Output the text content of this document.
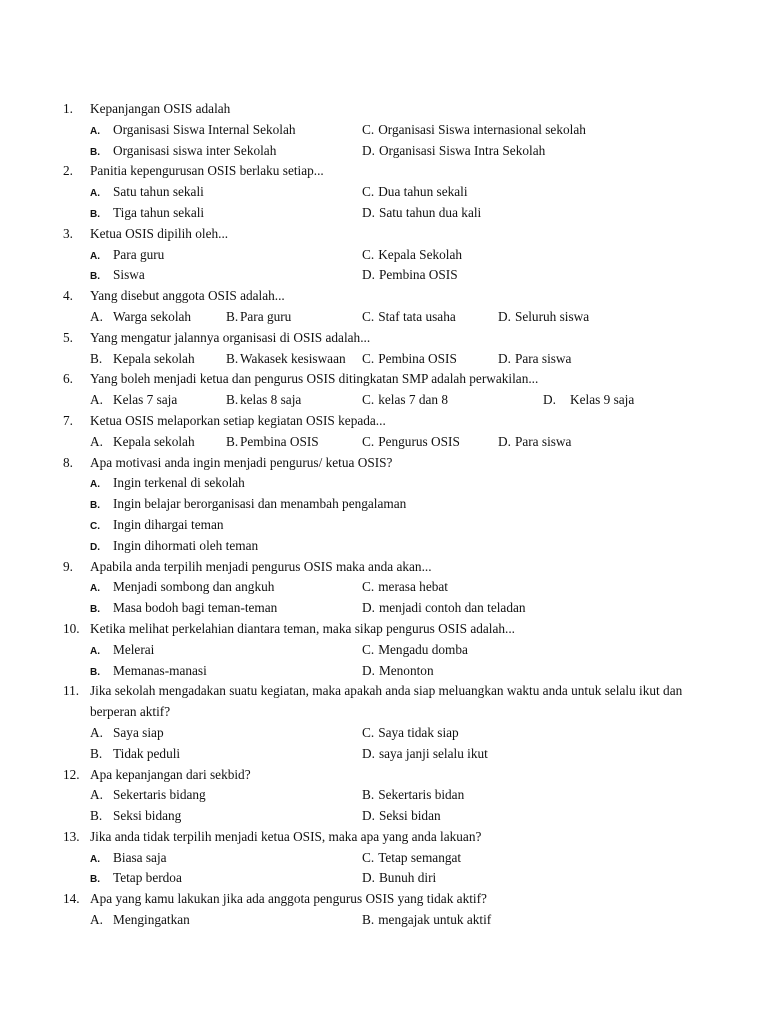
1. Kepanjangan OSIS adalah
A. Organisasi Siswa Internal Sekolah	C. Organisasi Siswa internasional sekolah
B. Organisasi siswa inter Sekolah	D. Organisasi Siswa Intra Sekolah
2. Panitia kepengurusan OSIS berlaku setiap...
A. Satu tahun sekali	C. Dua tahun sekali
B. Tiga tahun sekali	D. Satu tahun dua kali
3. Ketua OSIS dipilih oleh...
A. Para guru	C. Kepala Sekolah
B. Siswa	D. Pembina OSIS
4. Yang disebut anggota OSIS adalah...
A. Warga sekolah	B. Para guru	C. Staf tata usaha	D. Seluruh siswa
5. Yang mengatur jalannya organisasi di OSIS adalah...
B. Kepala sekolah B. Wakasek kesiswaan C. Pembina OSIS	D. Para siswa
6. Yang boleh menjadi ketua dan pengurus OSIS ditingkatan SMP adalah perwakilan...
A. Kelas 7 saja	B. kelas 8 saja	C. kelas 7 dan 8	D. Kelas 9 saja
7. Ketua OSIS melaporkan setiap kegiatan OSIS kepada...
A. Kepala sekolah B. Pembina OSIS	C. Pengurus OSIS	D. Para siswa
8. Apa motivasi anda ingin menjadi pengurus/ ketua OSIS?
A. Ingin terkenal di sekolah
B. Ingin belajar berorganisasi dan menambah pengalaman
C. Ingin dihargai teman
D. Ingin dihormati oleh teman
9. Apabila anda terpilih menjadi pengurus OSIS maka anda akan...
A. Menjadi sombong dan angkuh	C. merasa hebat
B. Masa bodoh bagi teman-teman	D. menjadi contoh dan teladan
10. Ketika melihat perkelahian diantara teman, maka sikap pengurus OSIS adalah...
A. Melerai	C. Mengadu domba
B. Memanas-manasi	D. Menonton
11. Jika sekolah mengadakan suatu kegiatan, maka apakah anda siap meluangkan waktu anda untuk selalu ikut dan
berperan aktif?
A. Saya siap	C. Saya tidak siap
B. Tidak peduli	D. saya janji selalu ikut
12. Apa kepanjangan dari sekbid?
A. Sekertaris bidang	B. Sekertaris bidan
B. Seksi bidang	D. Seksi bidan
13. Jika anda tidak terpilih menjadi ketua OSIS, maka apa yang anda lakuan?
A. Biasa saja	C. Tetap semangat
B. Tetap berdoa	D. Bunuh diri
14. Apa yang kamu lakukan jika ada anggota pengurus OSIS yang tidak aktif?
A. Mengingatkan	B. mengajak untuk aktif
